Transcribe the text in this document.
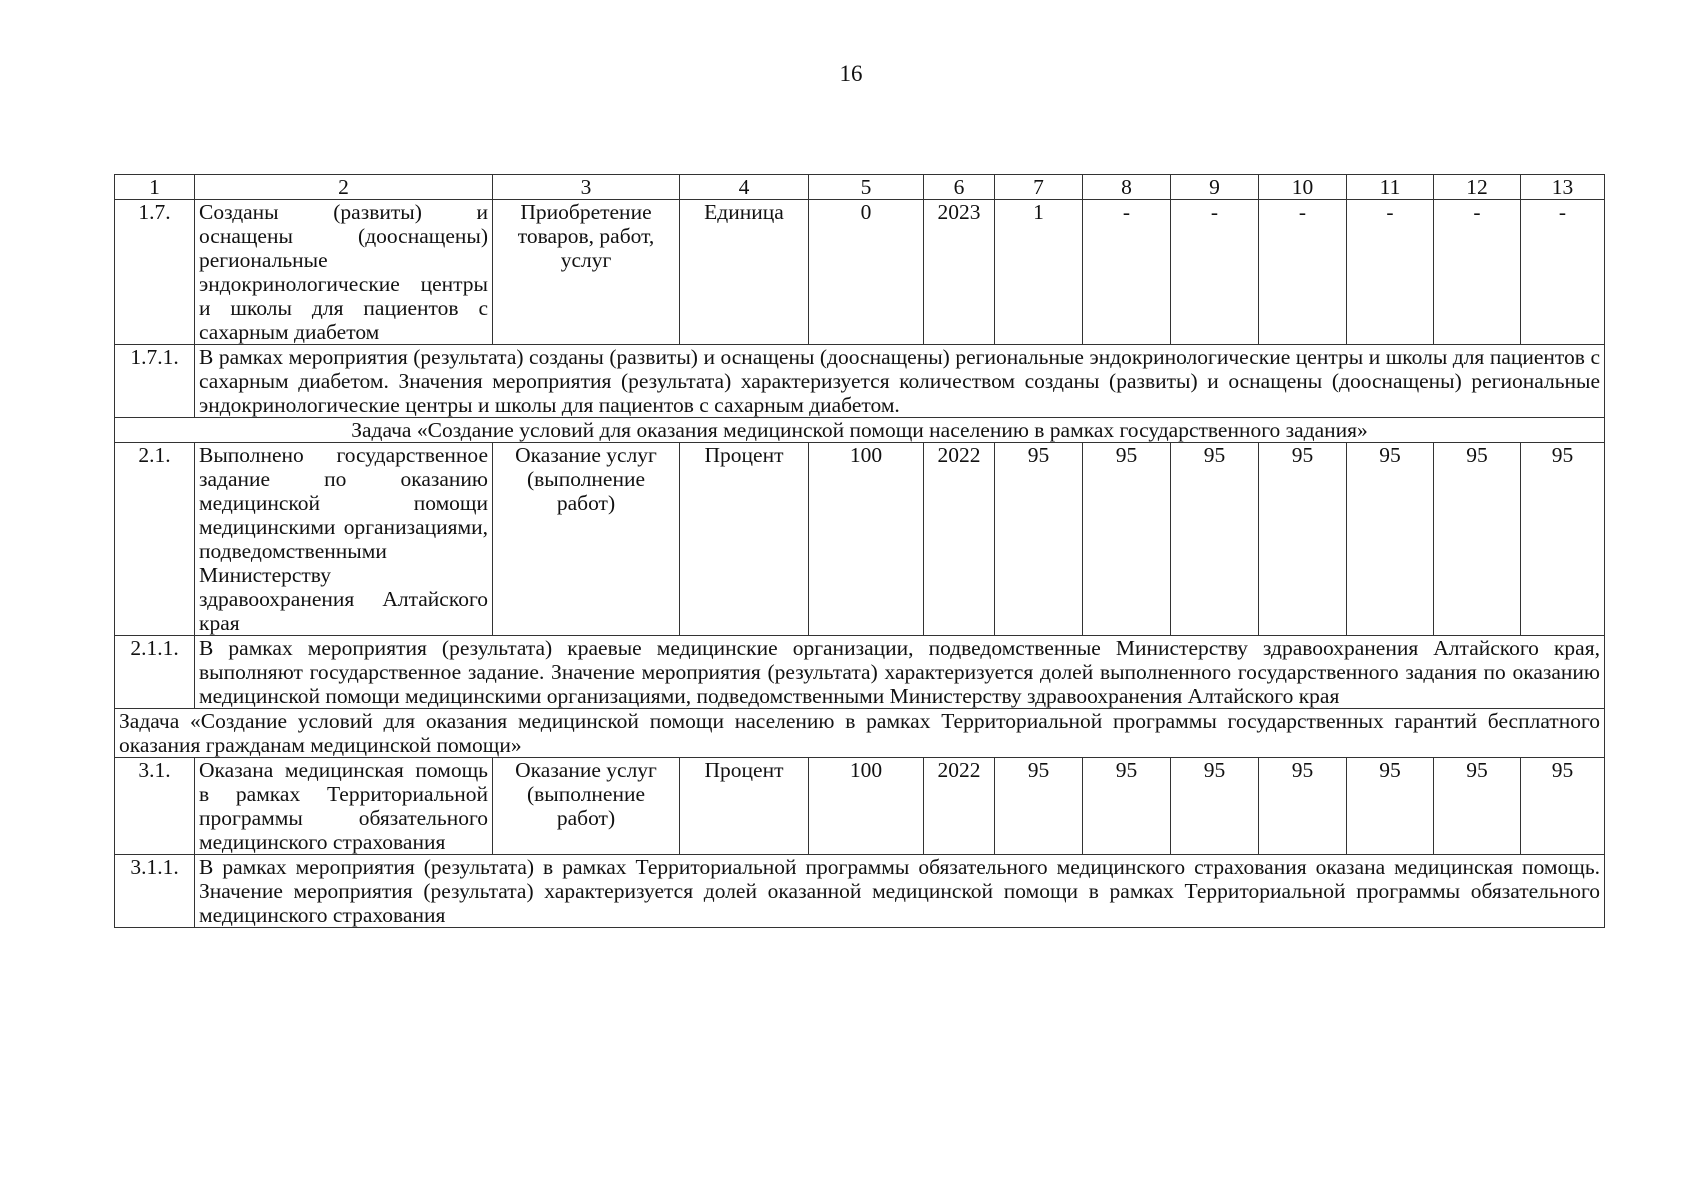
16
1	2	3	4	5	6	7	8	9	10	11	12	13
1.7.	Созданы (развиты) и оснащены (дооснащены) региональные эндокринологические центры и школы для пациентов с сахарным диабетом	Приобретение товаров, работ, услуг	Единица	0	2023	1	-	-	-	-	-	-
1.7.1.	В рамках мероприятия (результата) созданы (развиты) и оснащены (дооснащены) региональные эндокринологические центры и школы для пациентов с сахарным диабетом. Значения мероприятия (результата) характеризуется количеством созданы (развиты) и оснащены (дооснащены) региональные эндокринологические центры и школы для пациентов с сахарным диабетом.											
Задача «Создание условий для оказания медицинской помощи населению в рамках государственного задания»												
2.1.	Выполнено государственное задание по оказанию медицинской помощи медицинскими организациями, подведомственными Министерству здравоохранения Алтайского края	Оказание услуг (выполнение работ)	Процент	100	2022	95	95	95	95	95	95	95
2.1.1.	В рамках мероприятия (результата) краевые медицинские организации, подведомственные Министерству здравоохранения Алтайского края, выполняют государственное задание. Значение мероприятия (результата) характеризуется долей выполненного государственного задания по оказанию медицинской помощи медицинскими организациями, подведомственными Министерству здравоохранения Алтайского края											
Задача «Создание условий для оказания медицинской помощи населению в рамках Территориальной программы государственных гарантий бесплатного оказания гражданам медицинской помощи»												
3.1.	Оказана медицинская помощь в рамках Территориальной программы обязательного медицинского страхования	Оказание услуг (выполнение работ)	Процент	100	2022	95	95	95	95	95	95	95
3.1.1.	В рамках мероприятия (результата) в рамках Территориальной программы обязательного медицинского страхования оказана медицинская помощь. Значение мероприятия (результата) характеризуется долей оказанной медицинской помощи в рамках Территориальной программы обязательного медицинского страхования											
